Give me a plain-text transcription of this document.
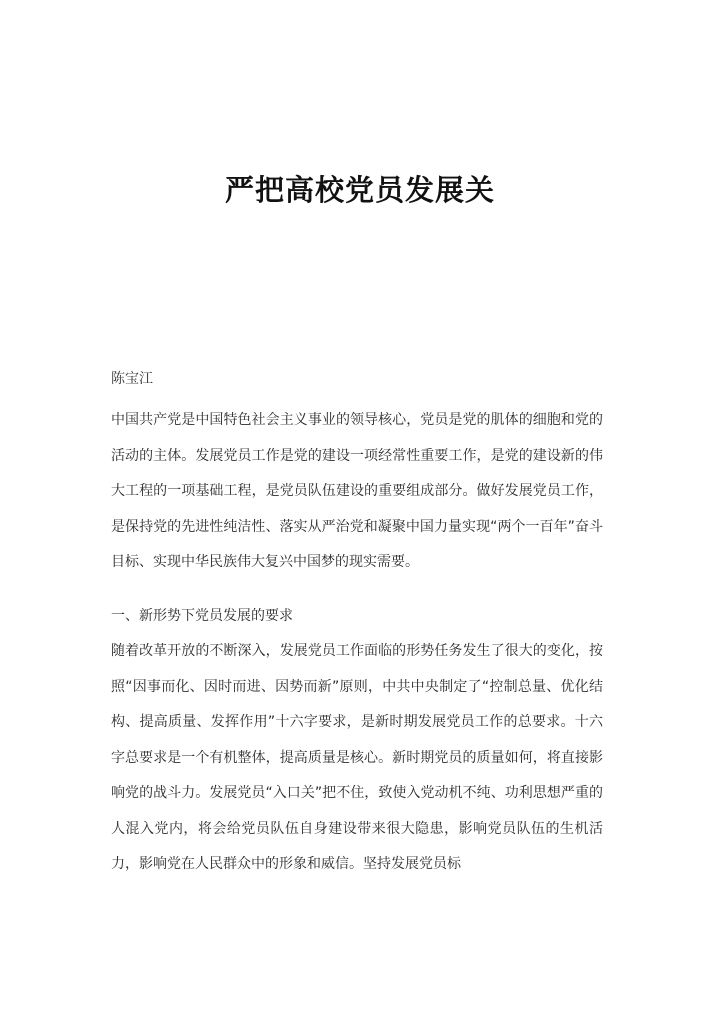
严把高校党员发展关

陈宝江

中国共产党是中国特色社会主义事业的领导核心，党员是党的肌体的细胞和党的活动的主体。发展党员工作是党的建设一项经常性重要工作，是党的建设新的伟大工程的一项基础工程，是党员队伍建设的重要组成部分。做好发展党员工作，是保持党的先进性纯洁性、落实从严治党和凝聚中国力量实现“两个一百年”奋斗目标、实现中华民族伟大复兴中国梦的现实需要。

一、新形势下党员发展的要求

随着改革开放的不断深入，发展党员工作面临的形势任务发生了很大的变化，按照“因事而化、因时而进、因势而新”原则，中共中央制定了“控制总量、优化结构、提高质量、发挥作用”十六字要求，是新时期发展党员工作的总要求。十六字总要求是一个有机整体，提高质量是核心。新时期党员的质量如何，将直接影响党的战斗力。发展党员“入口关”把不住，致使入党动机不纯、功利思想严重的人混入党内，将会给党员队伍自身建设带来很大隐患，影响党员队伍的生机活力，影响党在人民群众中的形象和威信。坚持发展党员标
